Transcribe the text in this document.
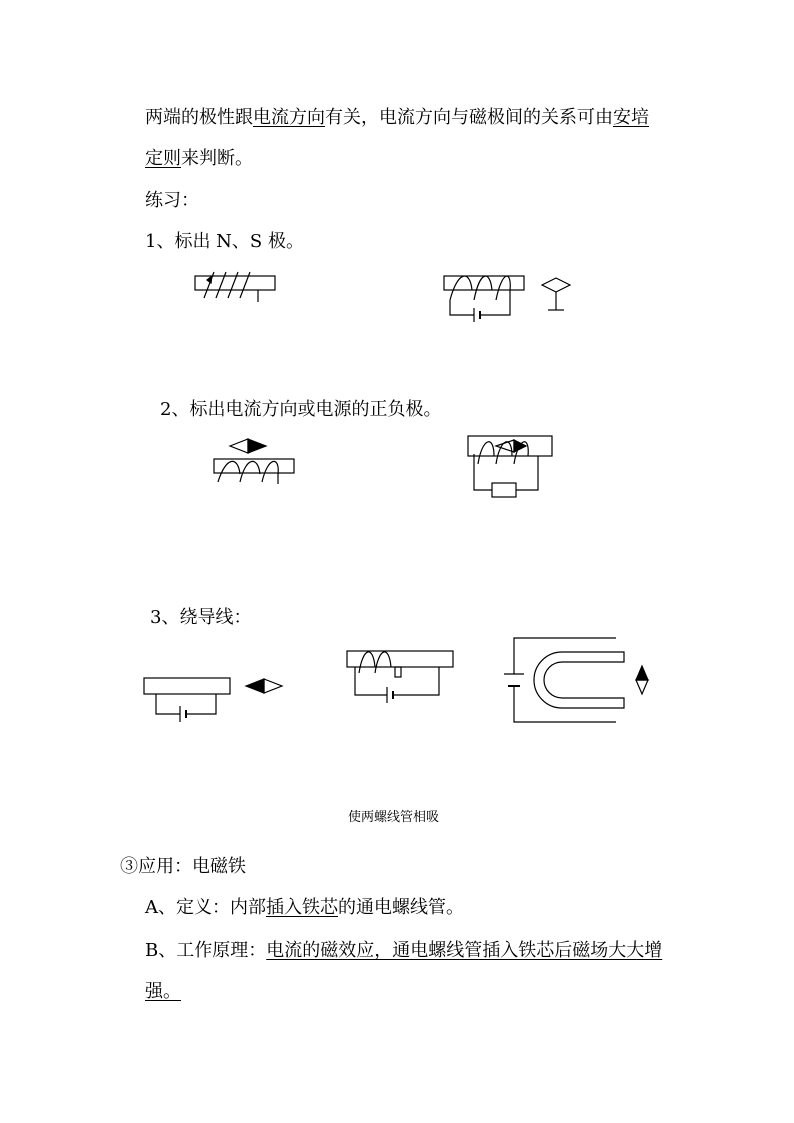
两端的极性跟电流方向有关，电流方向与磁极间的关系可由安培
定则来判断。
练习：
1、标出 N、S 极。
2、标出电流方向或电源的正负极。
3、绕导线：
使两螺线管相吸
③应用：电磁铁
A、定义：内部插入铁芯的通电螺线管。
B、工作原理：电流的磁效应，通电螺线管插入铁芯后磁场大大增
强。
